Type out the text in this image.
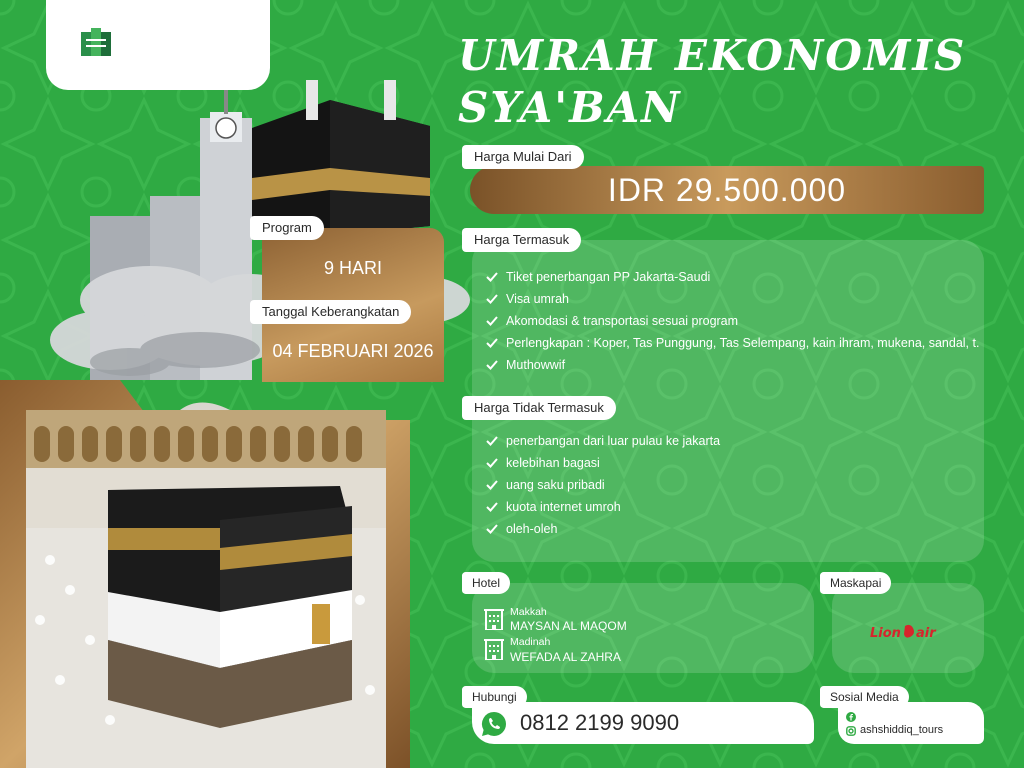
Program
9 HARI
Tanggal Keberangkatan
04 FEBRUARI 2026
UMRAH EKONOMIS
SYA'BAN
IDR 29.500.000
Harga Mulai Dari
Harga Termasuk
Tiket penerbangan PP Jakarta-Saudi
Visa umrah
Akomodasi & transportasi sesuai program
Perlengkapan : Koper, Tas Punggung, Tas Selempang, kain ihram, mukena, sandal, t.
Muthowwif
Harga Tidak Termasuk
penerbangan dari luar pulau ke jakarta
kelebihan bagasi
uang saku pribadi
kuota internet umroh
oleh-oleh
Hotel
Makkah
MAYSAN AL MAQOM
Madinah
WEFADA AL ZAHRA
Maskapai
Lion air
Hubungi
0812 2199 9090
Sosial Media
ashshiddiq_tours
